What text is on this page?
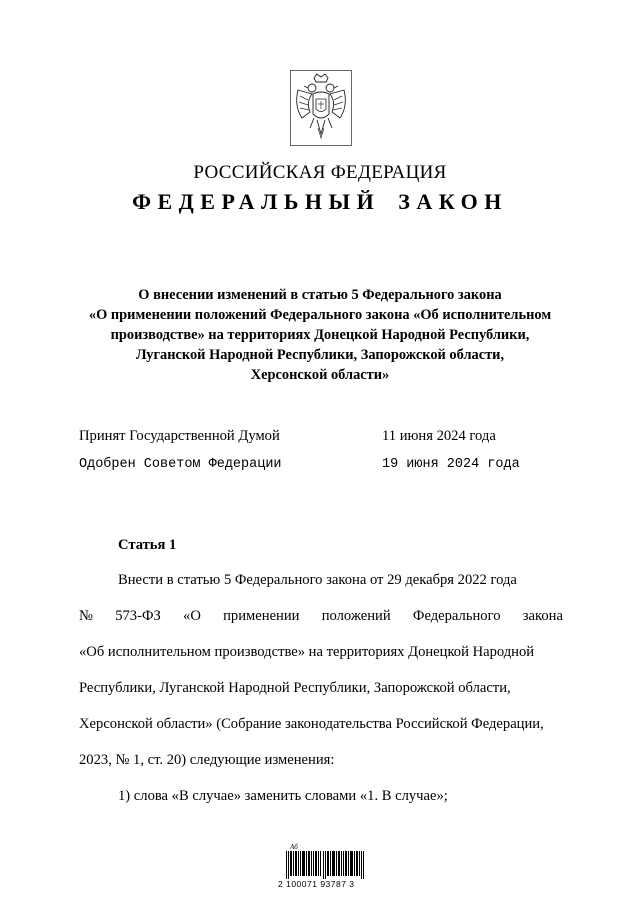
РОССИЙСКАЯ ФЕДЕРАЦИЯ
ФЕДЕРАЛЬНЫЙ ЗАКОН
О внесении изменений в статью 5 Федерального закона
«О применении положений Федерального закона «Об исполнительном
производстве» на территориях Донецкой Народной Республики,
Луганской Народной Республики, Запорожской области,
Херсонской области»
Принят Государственной Думой	11 июня 2024 года
Одобрен Советом Федерации	19 июня 2024 года
Статья 1
Внести в статью 5 Федерального закона от 29 декабря 2022 года
№ 573-ФЗ «О применении положений Федерального закона
«Об исполнительном производстве» на территориях Донецкой Народной
Республики, Луганской Народной Республики, Запорожской области,
Херсонской области» (Собрание законодательства Российской Федерации,
2023, № 1, ст. 20) следующие изменения:
1) слова «В случае» заменить словами «1. В случае»;
Aб
2 100071 93787 3
